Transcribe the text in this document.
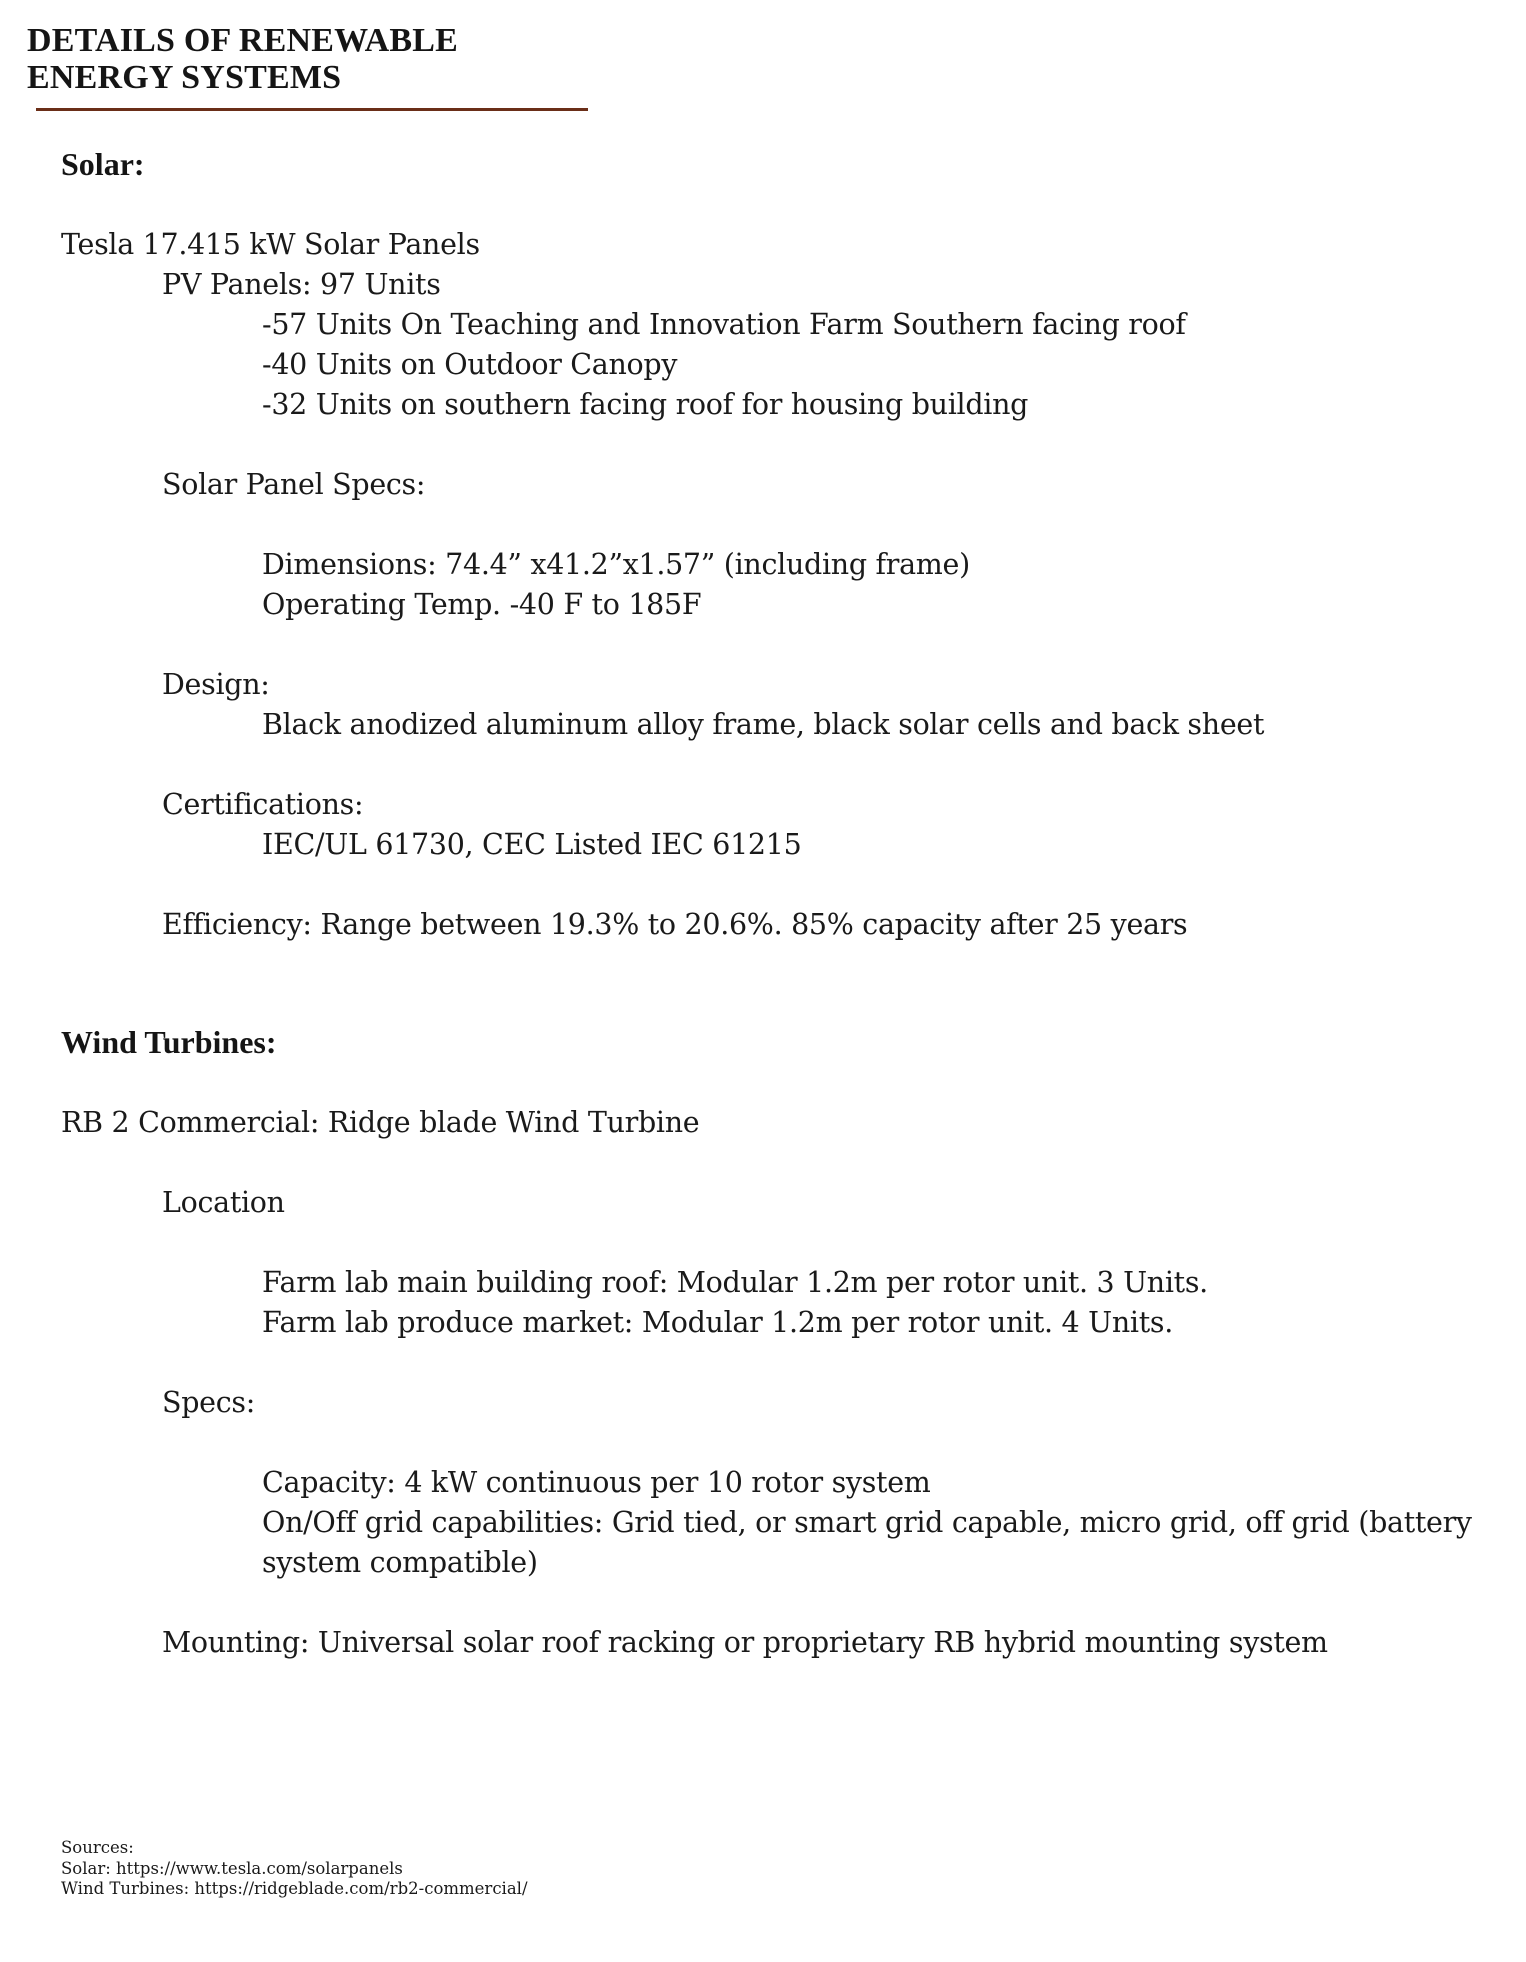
DETAILS OF RENEWABLE
ENERGY SYSTEMS
Solar:

Tesla 17.415 kW Solar Panels

PV Panels: 97 Units

-57 Units On Teaching and Innovation Farm Southern facing roof

-40 Units on Outdoor Canopy

-32 Units on southern facing roof for housing building

Solar Panel Specs:

Dimensions: 74.4” x41.2”x1.57” (including frame)

Operating Temp. -40 F to 185F

Design:

Black anodized aluminum alloy frame, black solar cells and back sheet

Certifications:

IEC/UL 61730, CEC Listed IEC 61215

Efficiency: Range between 19.3% to 20.6%. 85% capacity after 25 years

Wind Turbines:

RB 2 Commercial: Ridge blade Wind Turbine

Location

Farm lab main building roof: Modular 1.2m per rotor unit. 3 Units.

Farm lab produce market: Modular 1.2m per rotor unit. 4 Units.

Specs:

Capacity: 4 kW continuous per 10 rotor system

On/Off grid capabilities: Grid tied, or smart grid capable, micro grid, off grid (battery

system compatible)

Mounting: Universal solar roof racking or proprietary RB hybrid mounting system

Sources:
Solar: https://www.tesla.com/solarpanels
Wind Turbines: https://ridgeblade.com/rb2-commercial/
